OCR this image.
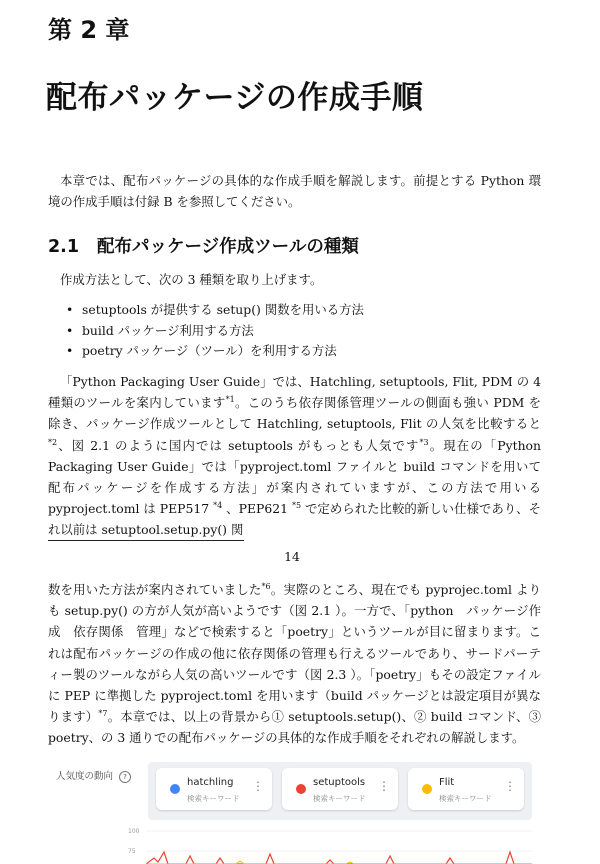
第 2 章
配布パッケージの作成手順
本章では、配布パッケージの具体的な作成手順を解説します。前提とする Python 環境の作成手順は付録 B を参照してください。
2.1 配布パッケージ作成ツールの種類
作成方法として、次の 3 種類を取り上げます。
• setuptools が提供する setup() 関数を用いる方法
• build パッケージ利用する方法
• poetry パッケージ（ツール）を利用する方法
「Python Packaging User Guide」では、Hatchling, setuptools, Flit, PDM の 4 種類のツールを案内しています$^{*1}$。このうち依存関係管理ツールの側面も強い PDM を除き、パッケージ作成ツールとして Hatchling, setuptools, Flit の人気を比較すると$^{*2}$、図 2.1 のように国内では setuptools がもっとも人気です$^{*3}$。現在の「Python Packaging User Guide」では「pyproject.toml ファイルと build コマンドを用いて配布パッケージを作成する方法」が案内されていますが、この方法で用いる pyproject.toml は PEP517 $^{*4}$ 、PEP621 $^{*5}$ で定められた比較的新しい仕様であり、それ以前は setuptool.setup.py() 関
14
数を用いた方法が案内されていました$^{*6}$。実際のところ、現在でも pyprojec.toml よりも setup.py() の方が人気が高いようです（図 2.1 ）。一方で、「python　パッケージ作成　依存関係　管理」などで検索すると「poetry」というツールが目に留まります。これは配布パッケージの作成の他に依存関係の管理も行えるツールであり、サードパーティー製のツールながら人気の高いツールです（図 2.3 ）。「poetry」もその設定ファイルに PEP に準拠した pyproject.toml を用います（build パッケージとは設定項目が異なります）$^{*7}$。本章では、以上の背景から① setuptools.setup()、② build コマンド、③ poetry、の 3 通りでの配布パッケージの具体的な作成手順をそれぞれの解説します。
人気度の動向 ?	hatchling
検索キーワード
⋮	setuptools
検索キーワード
⋮	Flit
検索キーワード
⋮
100
75
